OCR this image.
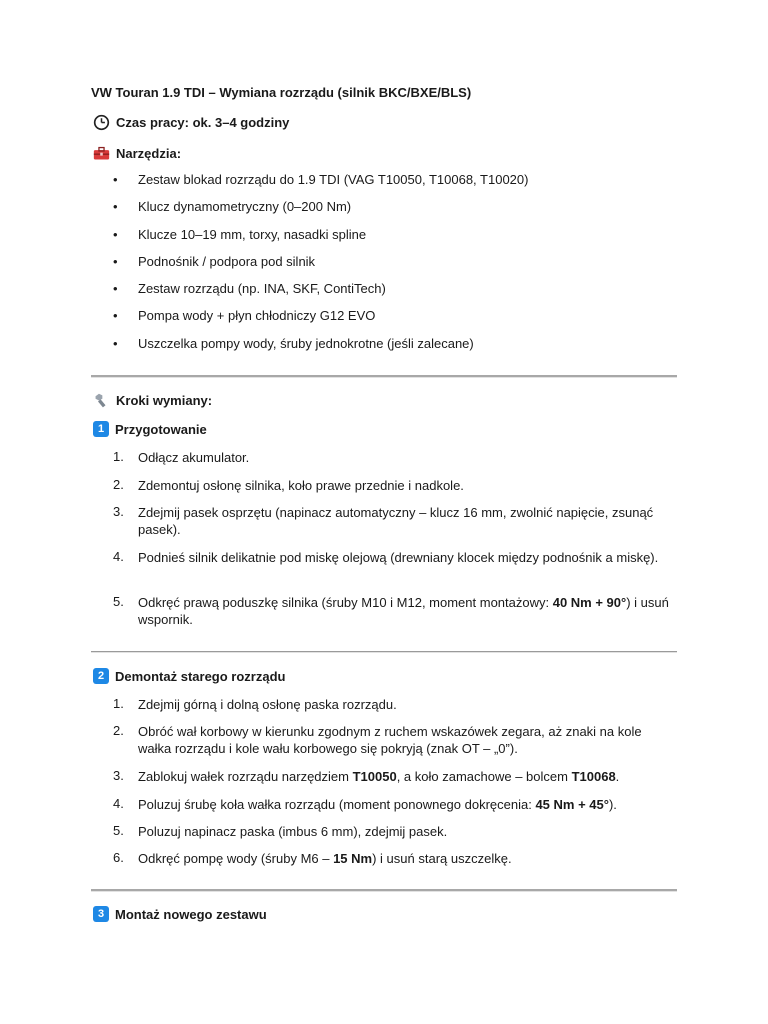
VW Touran 1.9 TDI – Wymiana rozrządu (silnik BKC/BXE/BLS)
Czas pracy: ok. 3–4 godziny
Narzędzia:
• Zestaw blokad rozrządu do 1.9 TDI (VAG T10050, T10068, T10020)
• Klucz dynamometryczny (0–200 Nm)
• Klucze 10–19 mm, torxy, nasadki spline
• Podnośnik / podpora pod silnik
• Zestaw rozrządu (np. INA, SKF, ContiTech)
• Pompa wody + płyn chłodniczy G12 EVO
• Uszczelka pompy wody, śruby jednokrotne (jeśli zalecane)
Kroki wymiany:
1 Przygotowanie
1.	Odłącz akumulator.
2.	Zdemontuj osłonę silnika, koło prawe przednie i nadkole.
3.	Zdejmij pasek osprzętu (napinacz automatyczny – klucz 16 mm, zwolnić napięcie, zsunąć pasek).
4.	Podnieś silnik delikatnie pod miskę olejową (drewniany klocek między podnośnik a miskę).
5.	Odkręć prawą poduszkę silnika (śruby M10 i M12, moment montażowy: 40 Nm + 90°) i usuń wspornik.
2 Demontaż starego rozrządu
1.	Zdejmij górną i dolną osłonę paska rozrządu.
2.	Obróć wał korbowy w kierunku zgodnym z ruchem wskazówek zegara, aż znaki na kole wałka rozrządu i kole wału korbowego się pokryją (znak OT – „0”).
3.	Zablokuj wałek rozrządu narzędziem T10050, a koło zamachowe – bolcem T10068.
4.	Poluzuj śrubę koła wałka rozrządu (moment ponownego dokręcenia: 45 Nm + 45°).
5.	Poluzuj napinacz paska (imbus 6 mm), zdejmij pasek.
6.	Odkręć pompę wody (śruby M6 – 15 Nm) i usuń starą uszczelkę.
3 Montaż nowego zestawu
